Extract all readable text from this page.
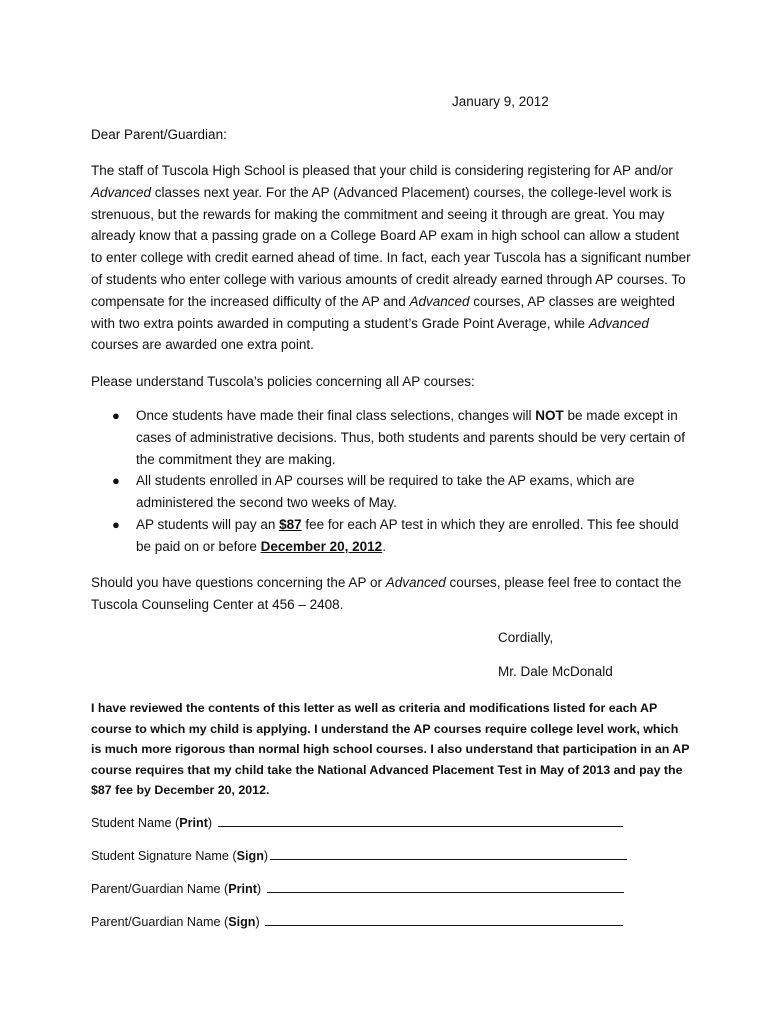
January 9, 2012
Dear Parent/Guardian:
The staff of Tuscola High School is pleased that your child is considering registering for AP and/or Advanced classes next year. For the AP (Advanced Placement) courses, the college-level work is strenuous, but the rewards for making the commitment and seeing it through are great. You may already know that a passing grade on a College Board AP exam in high school can allow a student to enter college with credit earned ahead of time. In fact, each year Tuscola has a significant number of students who enter college with various amounts of credit already earned through AP courses. To compensate for the increased difficulty of the AP and Advanced courses, AP classes are weighted with two extra points awarded in computing a student’s Grade Point Average, while Advanced courses are awarded one extra point.
Please understand Tuscola’s policies concerning all AP courses:
● Once students have made their final class selections, changes will NOT be made except in cases of administrative decisions. Thus, both students and parents should be very certain of the commitment they are making.
● All students enrolled in AP courses will be required to take the AP exams, which are administered the second two weeks of May.
● AP students will pay an $87 fee for each AP test in which they are enrolled. This fee should be paid on or before December 20, 2012.
Should you have questions concerning the AP or Advanced courses, please feel free to contact the Tuscola Counseling Center at 456 – 2408.
Cordially,
Mr. Dale McDonald
I have reviewed the contents of this letter as well as criteria and modifications listed for each AP course to which my child is applying. I understand the AP courses require college level work, which is much more rigorous than normal high school courses. I also understand that participation in an AP course requires that my child take the National Advanced Placement Test in May of 2013 and pay the $87 fee by December 20, 2012.
Student Name (Print)
Student Signature Name (Sign)
Parent/Guardian Name (Print)
Parent/Guardian Name (Sign)
